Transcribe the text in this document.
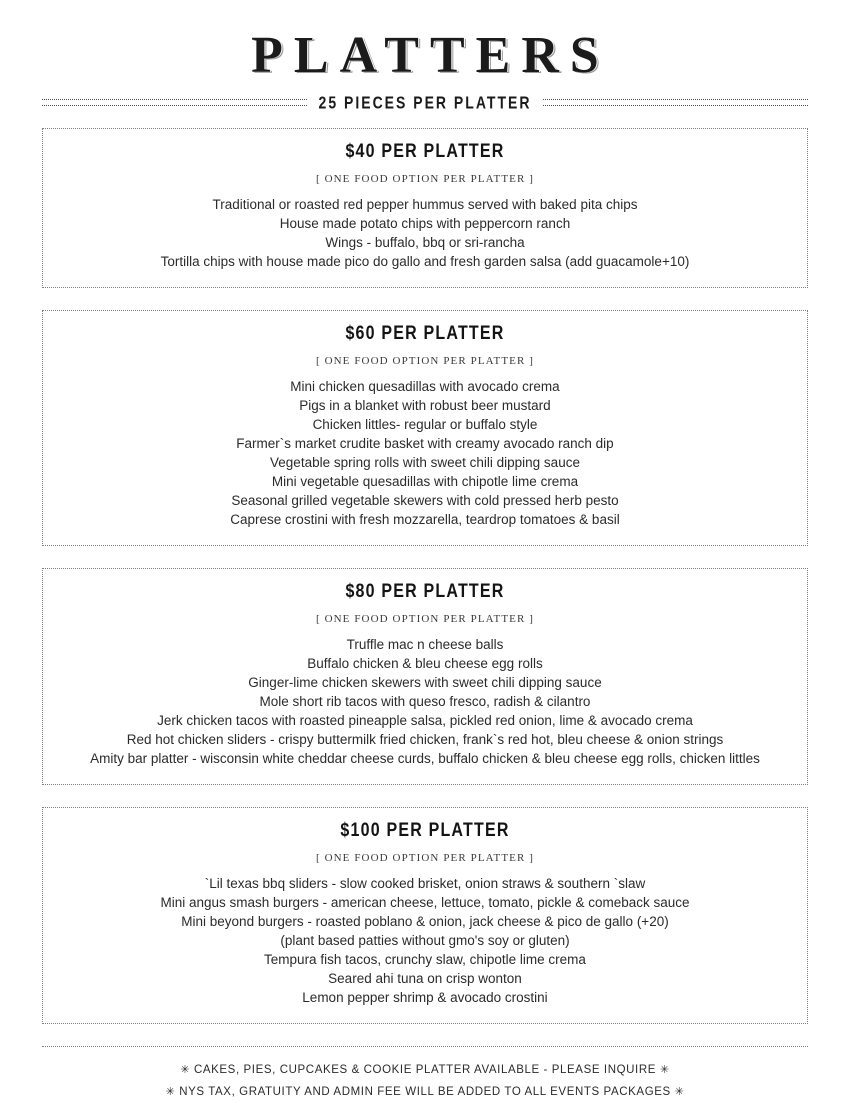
PLATTERS
25 PIECES PER PLATTER
$40 PER PLATTER
[ ONE FOOD OPTION PER PLATTER ]
Traditional or roasted red pepper hummus served with baked pita chips
House made potato chips with peppercorn ranch
Wings - buffalo, bbq or sri-rancha
Tortilla chips with house made pico do gallo and fresh garden salsa (add guacamole+10)
$60 PER PLATTER
[ ONE FOOD OPTION PER PLATTER ]
Mini chicken quesadillas with avocado crema
Pigs in a blanket with robust beer mustard
Chicken littles- regular or buffalo style
Farmer`s market crudite basket with creamy avocado ranch dip
Vegetable spring rolls with sweet chili dipping sauce
Mini vegetable quesadillas with chipotle lime crema
Seasonal grilled vegetable skewers with cold pressed herb pesto
Caprese crostini with fresh mozzarella, teardrop tomatoes & basil
$80 PER PLATTER
[ ONE FOOD OPTION PER PLATTER ]
Truffle mac n cheese balls
Buffalo chicken & bleu cheese egg rolls
Ginger-lime chicken skewers with sweet chili dipping sauce
Mole short rib tacos with queso fresco, radish & cilantro
Jerk chicken tacos with roasted pineapple salsa, pickled red onion, lime & avocado crema
Red hot chicken sliders - crispy buttermilk fried chicken, frank`s red hot, bleu cheese & onion strings
Amity bar platter - wisconsin white cheddar cheese curds, buffalo chicken & bleu cheese egg rolls, chicken littles
$100 PER PLATTER
[ ONE FOOD OPTION PER PLATTER ]
`Lil texas bbq sliders - slow cooked brisket, onion straws & southern `slaw
Mini angus smash burgers - american cheese, lettuce, tomato, pickle & comeback sauce
Mini beyond burgers - roasted poblano & onion, jack cheese & pico de gallo (+20)
(plant based patties without gmo's soy or gluten)
Tempura fish tacos, crunchy slaw, chipotle lime crema
Seared ahi tuna on crisp wonton
Lemon pepper shrimp & avocado crostini
✳ CAKES, PIES, CUPCAKES & COOKIE PLATTER AVAILABLE - PLEASE INQUIRE ✳
✳ NYS TAX, GRATUITY AND ADMIN FEE WILL BE ADDED TO ALL EVENTS PACKAGES ✳
